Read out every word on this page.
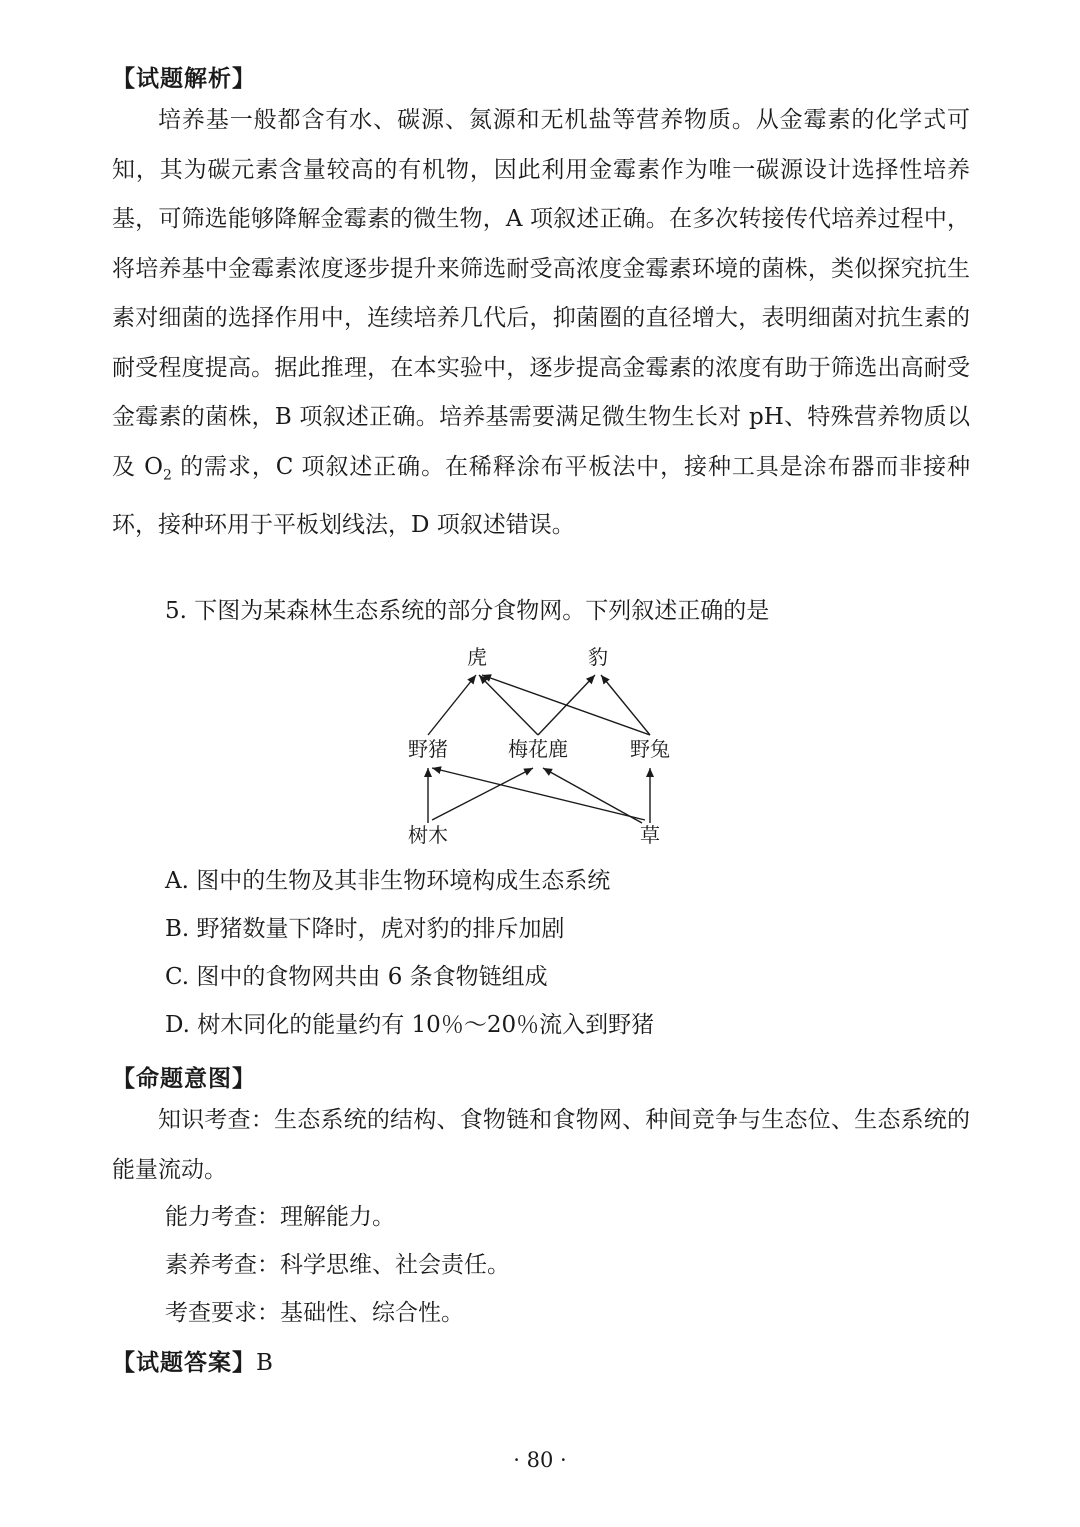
【试题解析】

培养基一般都含有水、碳源、氮源和无机盐等营养物质。从金霉素的化学式可知，其为碳元素含量较高的有机物，因此利用金霉素作为唯一碳源设计选择性培养基，可筛选能够降解金霉素的微生物，A 项叙述正确。在多次转接传代培养过程中，将培养基中金霉素浓度逐步提升来筛选耐受高浓度金霉素环境的菌株，类似探究抗生素对细菌的选择作用中，连续培养几代后，抑菌圈的直径增大，表明细菌对抗生素的耐受程度提高。据此推理，在本实验中，逐步提高金霉素的浓度有助于筛选出高耐受金霉素的菌株，B 项叙述正确。培养基需要满足微生物生长对 pH、特殊营养物质以及 $O_2$ 的需求，C 项叙述正确。在稀释涂布平板法中，接种工具是涂布器而非接种环，接种环用于平板划线法，D 项叙述错误。

5. 下图为某森林生态系统的部分食物网。下列叙述正确的是
虎	豹
野猪	梅花鹿	野兔
树木	草
A. 图中的生物及其非生物环境构成生态系统
B. 野猪数量下降时，虎对豹的排斥加剧
C. 图中的食物网共由 6 条食物链组成
D. 树木同化的能量约有 10％～20％流入到野猪
【命题意图】

知识考查：生态系统的结构、食物链和食物网、种间竞争与生态位、生态系统的能量流动。

能力考查：理解能力。
素养考查：科学思维、社会责任。
考查要求：基础性、综合性。
【试题答案】B
· 80 ·
